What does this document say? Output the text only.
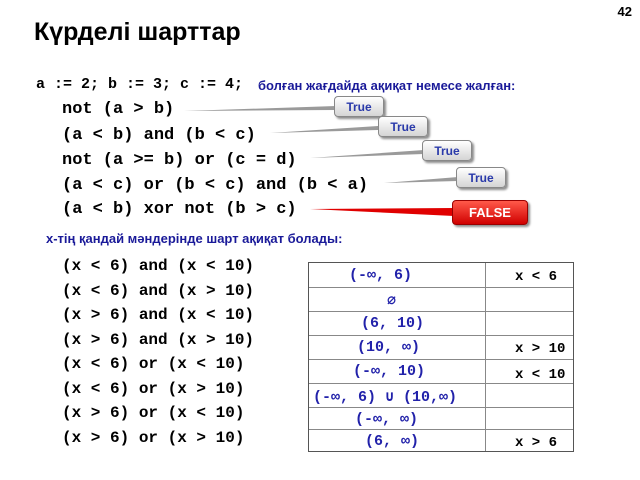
42
Күрделі шарттар
a := 2; b := 3; c := 4; болған жағдайда ақиқат немесе жалған:
not (a > b)
(a < b) and (b < c)
not (a >= b) or (c = d)
(a < c) or (b < c) and (b < a)
(a < b) xor not (b > c)
True
True
True
True
FALSE
x-тің қандай мәндерінде шарт ақиқат болады:
(x < 6) and (x < 10)
(x < 6) and (x > 10)
(x > 6) and (x < 10)
(x > 6) and (x > 10)
(x < 6) or (x < 10)
(x < 6) or (x > 10)
(x > 6) or (x < 10)
(x > 6) or (x > 10)
(-∞, 6)
∅
(6, 10)
(10, ∞)
(-∞, 10)
(-∞, 6) ∪ (10,∞)
(-∞, ∞)
(6, ∞)
x < 6
x > 10
x < 10
x > 6
